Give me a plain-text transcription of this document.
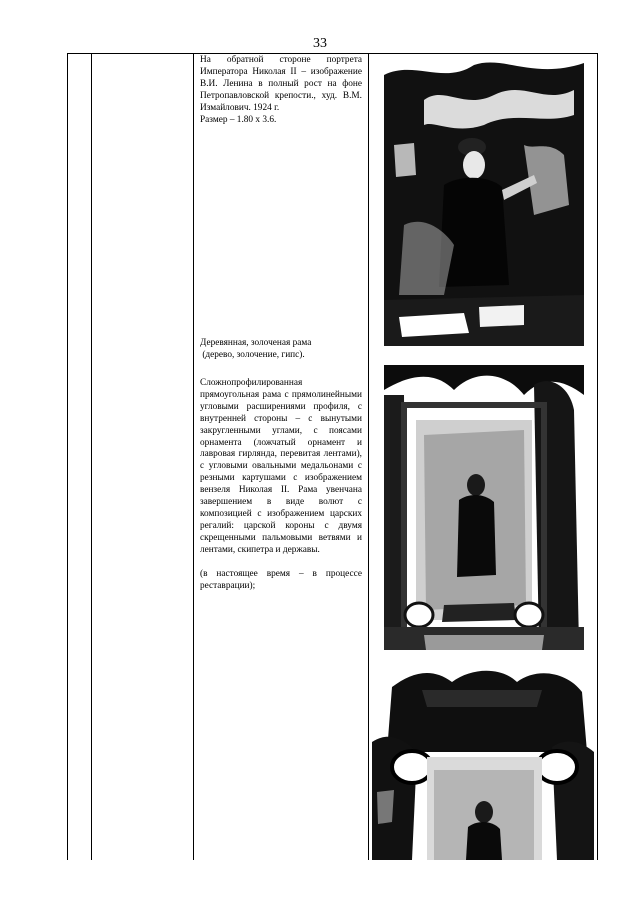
33

На обратной стороне портрета Императора Николая II – изображение В.И. Ленина в полный рост на фоне Петропавловской крепости., худ. В.М. Измайлович. 1924 г.

Размер – 1.80 х 3.6.

Деревянная, золоченая рама

(дерево, золочение, гипс).

Сложнопрофилированная прямоугольная рама с прямолинейными угловыми расширениями профиля, с внутренней стороны – с вынутыми закругленными углами, с поясами орнамента (ложчатый орнамент и лавровая гирлянда, перевитая лентами), с угловыми овальными медальонами с резными картушами с изображением вензеля Николая II. Рама увенчана завершением в виде волют с композицией с изображением царских регалий: царской короны с двумя скрещенными пальмовыми ветвями и лентами, скипетра и державы.

(в настоящее время – в процессе реставрации);
